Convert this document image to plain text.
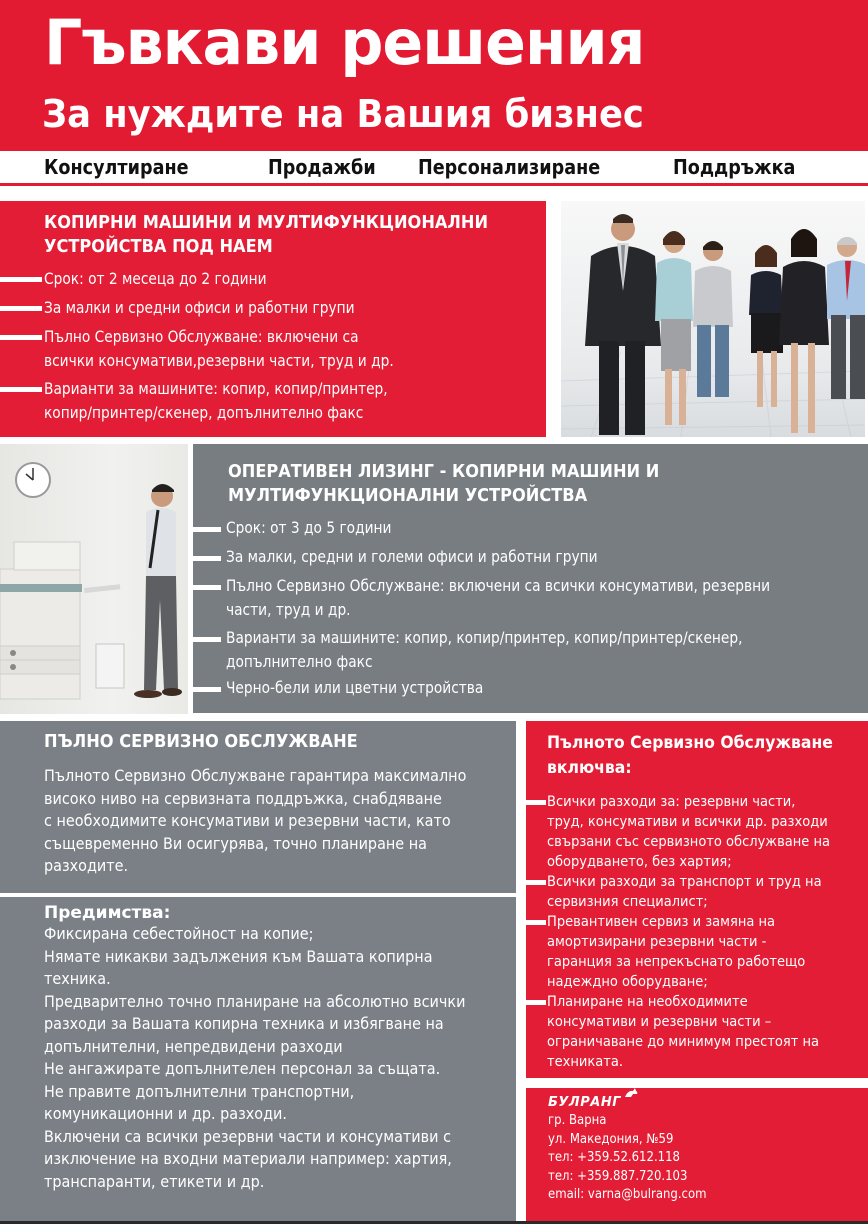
Гъвкави решения
За нуждите на Вашия бизнес
Консултиране	Продажби Персонализиране	Поддръжка
КОПИРНИ МАШИНИ И МУЛТИФУНКЦИОНАЛНИ
УСТРОЙСТВА ПОД НАЕМ
Срок: от 2 месеца до 2 години
За малки и средни офиси и работни групи
Пълно Сервизно Обслужване: включени са
всички консумативи,резервни части, труд и др.
Варианти за машините: копир, копир/принтер,
копир/принтер/скенер, допълнително факс
ОПЕРАТИВЕН ЛИЗИНГ - КОПИРНИ МАШИНИ И
МУЛТИФУНКЦИОНАЛНИ УСТРОЙСТВА
Срок: от 3 до 5 години
За малки, средни и големи офиси и работни групи
Пълно Сервизно Обслужване: включени са всички консумативи, резервни
части, труд и др.
Варианти за машините: копир, копир/принтер, копир/принтер/скенер,
допълнително факс
Черно-бели или цветни устройства
ПЪЛНО СЕРВИЗНО ОБСЛУЖВАНЕ
Пълното Сервизно Обслужване гарантира максимално
високо ниво на сервизната поддръжка, снабдяване
с необходимите консумативи и резервни части, като
същевременно Ви осигурява, точно планиране на
разходите.
Предимства:
Фиксирана себестойност на копие;
Нямате никакви задължения към Вашата копирна
техника.
Предварително точно планиране на абсолютно всички
разходи за Вашата копирна техника и избягване на
допълнителни, непредвидени разходи
Не ангажирате допълнителен персонал за същата.
Не правите допълнителни транспортни,
комуникационни и др. разходи.
Включени са всички резервни части и консумативи с
изключение на входни материали например: хартия,
транспаранти, етикети и др.
Пълното Сервизно Обслужване
включва:
Всички разходи за: резервни части,
труд, консумативи и всички др. разходи
свързани със сервизното обслужване на
оборудването, без хартия;
Всички разходи за транспорт и труд на
сервизния специалист;
Превантивен сервиз и замяна на
амортизирани резервни части -
гаранция за непрекъснато работещо
надеждно оборудване;
Планиране на необходимите
консумативи и резервни части –
ограничаване до минимум престоят на
техниката.
БУЛРАНГ
гр. Варна
ул. Македония, №59
тел: +359.52.612.118
тел: +359.887.720.103
email: varna@bulrang.com
